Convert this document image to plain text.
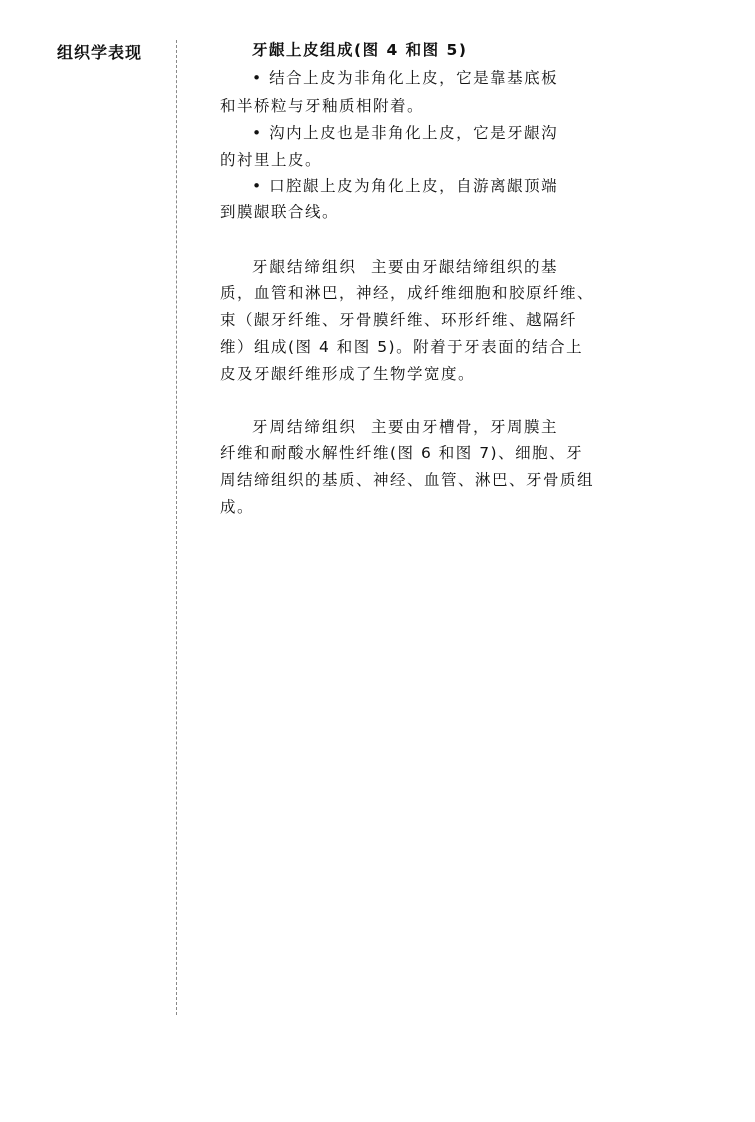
组织学表现	牙龈上皮组成(图 4 和图 5)
• 结合上皮为非角化上皮，它是靠基底板
和半桥粒与牙釉质相附着。
• 沟内上皮也是非角化上皮，它是牙龈沟
的衬里上皮。
• 口腔龈上皮为角化上皮，自游离龈顶端
到膜龈联合线。
牙龈结缔组织 主要由牙龈结缔组织的基
质，血管和淋巴，神经，成纤维细胞和胶原纤维、
束（龈牙纤维、牙骨膜纤维、环形纤维、越隔纤
维）组成(图 4 和图 5)。附着于牙表面的结合上
皮及牙龈纤维形成了生物学宽度。
牙周结缔组织 主要由牙槽骨，牙周膜主
纤维和耐酸水解性纤维(图 6 和图 7)、细胞、牙
周结缔组织的基质、神经、血管、淋巴、牙骨质组
成。
